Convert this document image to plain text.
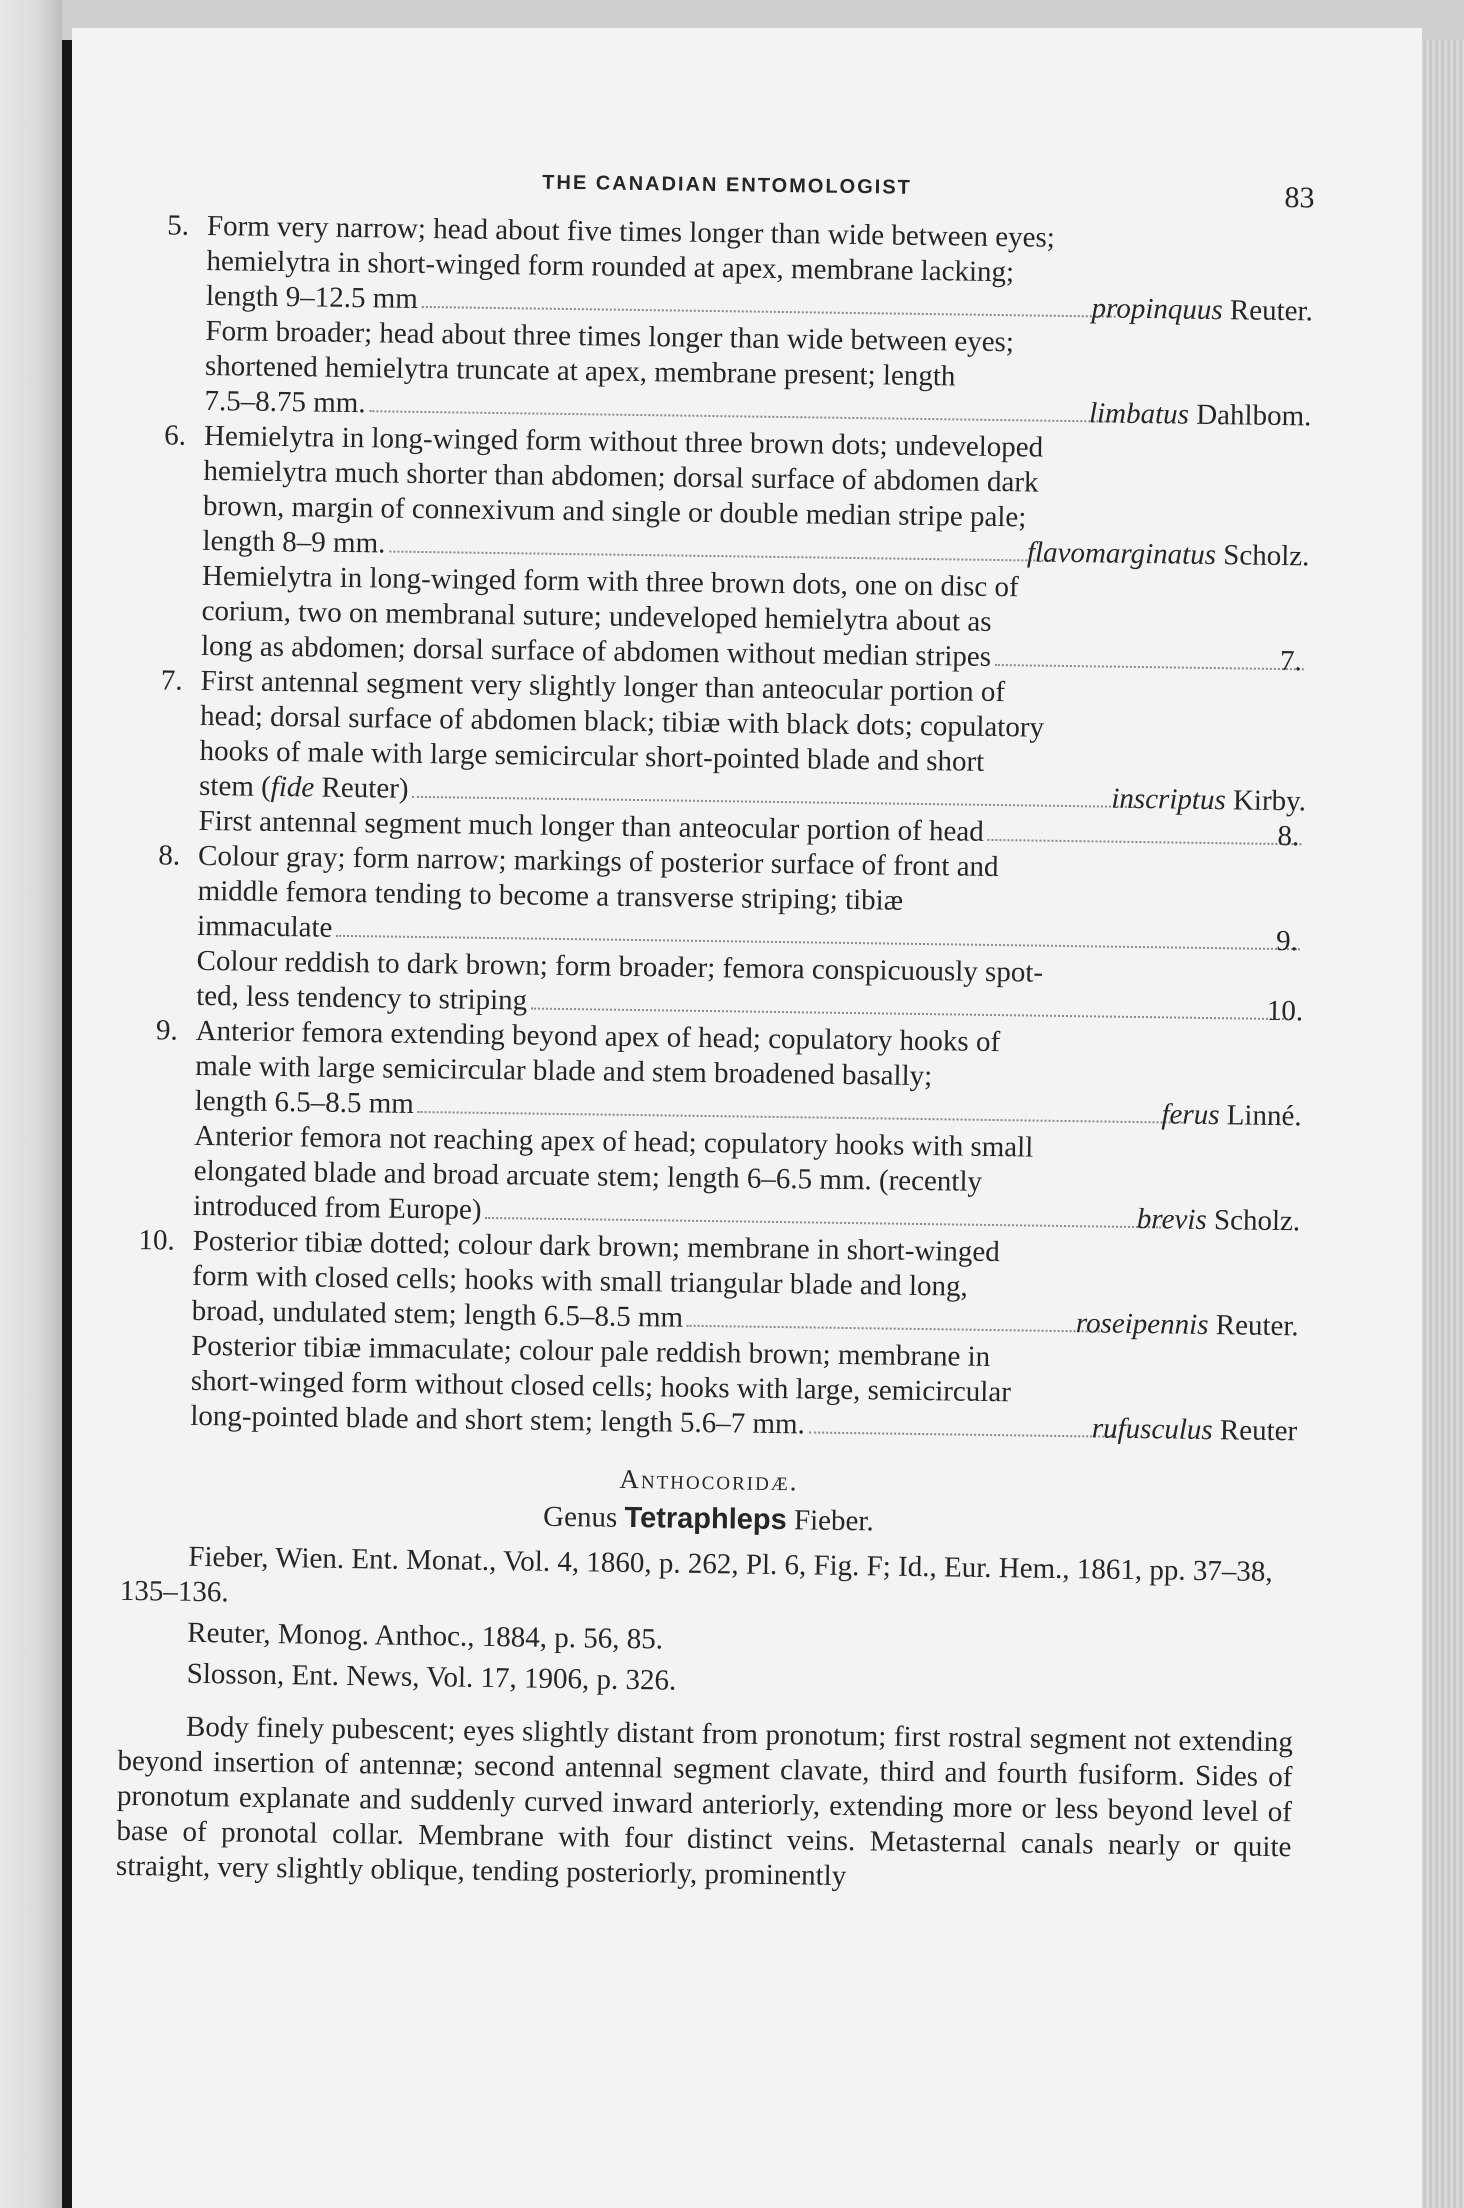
THE CANADIAN ENTOMOLOGIST	83
5. Form very narrow; head about five times longer than wide between eyes;
hemielytra in short-winged form rounded at apex, membrane lacking;
length 9–12.5 mm	propinquus Reuter.
Form broader; head about three times longer than wide between eyes;
shortened hemielytra truncate at apex, membrane present; length
7.5–8.75 mm.	limbatus Dahlbom.
6. Hemielytra in long-winged form without three brown dots; undeveloped
hemielytra much shorter than abdomen; dorsal surface of abdomen dark
brown, margin of connexivum and single or double median stripe pale;
length 8–9 mm.	flavomarginatus Scholz.
Hemielytra in long-winged form with three brown dots, one on disc of
corium, two on membranal suture; undeveloped hemielytra about as
long as abdomen; dorsal surface of abdomen without median stripes	7.
7. First antennal segment very slightly longer than anteocular portion of
head; dorsal surface of abdomen black; tibiæ with black dots; copulatory
hooks of male with large semicircular short-pointed blade and short
stem (fide Reuter)	inscriptus Kirby.
First antennal segment much longer than anteocular portion of head	8.
8. Colour gray; form narrow; markings of posterior surface of front and
middle femora tending to become a transverse striping; tibiæ
immaculate	9.
Colour reddish to dark brown; form broader; femora conspicuously spot-
ted, less tendency to striping	10.
9. Anterior femora extending beyond apex of head; copulatory hooks of
male with large semicircular blade and stem broadened basally;
length 6.5–8.5 mm	ferus Linné.
Anterior femora not reaching apex of head; copulatory hooks with small
elongated blade and broad arcuate stem; length 6–6.5 mm. (recently
introduced from Europe)	brevis Scholz.
10. Posterior tibiæ dotted; colour dark brown; membrane in short-winged
form with closed cells; hooks with small triangular blade and long,
broad, undulated stem; length 6.5–8.5 mm	roseipennis Reuter.
Posterior tibiæ immaculate; colour pale reddish brown; membrane in
short-winged form without closed cells; hooks with large, semicircular
long-pointed blade and short stem; length 5.6–7 mm.	rufusculus Reuter
Anthocoridæ.
Genus Tetraphleps Fieber.

Fieber, Wien. Ent. Monat., Vol. 4, 1860, p. 262, Pl. 6, Fig. F; Id., Eur. Hem., 1861, pp. 37–38, 135–136.

Reuter, Monog. Anthoc., 1884, p. 56, 85.

Slosson, Ent. News, Vol. 17, 1906, p. 326.

Body finely pubescent; eyes slightly distant from pronotum; first rostral segment not extending beyond insertion of antennæ; second antennal segment clavate, third and fourth fusiform. Sides of pronotum explanate and suddenly curved inward anteriorly, extending more or less beyond level of base of pronotal collar. Membrane with four distinct veins. Metasternal canals nearly or quite straight, very slightly oblique, tending posteriorly, prominently
